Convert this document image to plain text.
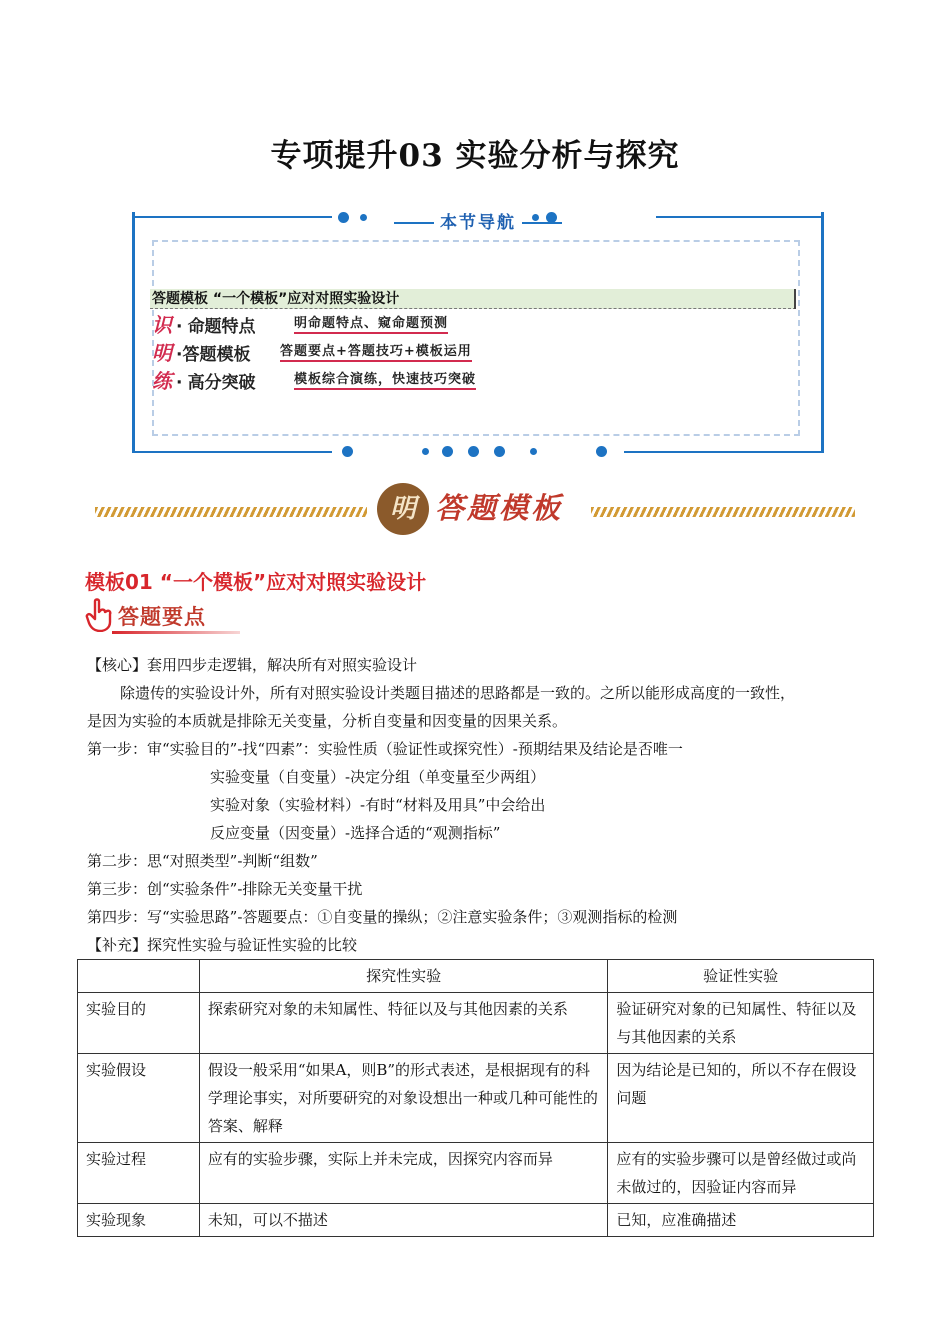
专项提升03 实验分析与探究
本节导航
答题模板 “一个模板”应对对照实验设计
识 · 命题特点	明命题特点、窥命题预测
明 ·答题模板 答题要点+答题技巧+模板运用
练 · 高分突破	模板综合演练，快速技巧突破
明 答题模板
模板01 “一个模板”应对对照实验设计
答题要点
【核心】套用四步走逻辑，解决所有对照实验设计
除遗传的实验设计外，所有对照实验设计类题目描述的思路都是一致的。之所以能形成高度的一致性，
是因为实验的本质就是排除无关变量，分析自变量和因变量的因果关系。
第一步：审“实验目的”-找“四素”：实验性质（验证性或探究性）-预期结果及结论是否唯一
实验变量（自变量）-决定分组（单变量至少两组）
实验对象（实验材料）-有时“材料及用具”中会给出
反应变量（因变量）-选择合适的“观测指标”
第二步：思“对照类型”-判断“组数”
第三步：创“实验条件”-排除无关变量干扰
第四步：写“实验思路”-答题要点：①自变量的操纵；②注意实验条件；③观测指标的检测
【补充】探究性实验与验证性实验的比较
	探究性实验	验证性实验
实验目的	探索研究对象的未知属性、特征以及与其他因素的关系	验证研究对象的已知属性、特征以及与其他因素的关系
实验假设	假设一般采用“如果A，则B”的形式表述，是根据现有的科学理论事实，对所要研究的对象设想出一种或几种可能性的答案、解释	因为结论是已知的，所以不存在假设问题
实验过程	应有的实验步骤，实际上并未完成，因探究内容而异	应有的实验步骤可以是曾经做过或尚未做过的，因验证内容而异
实验现象	未知，可以不描述	已知，应准确描述
